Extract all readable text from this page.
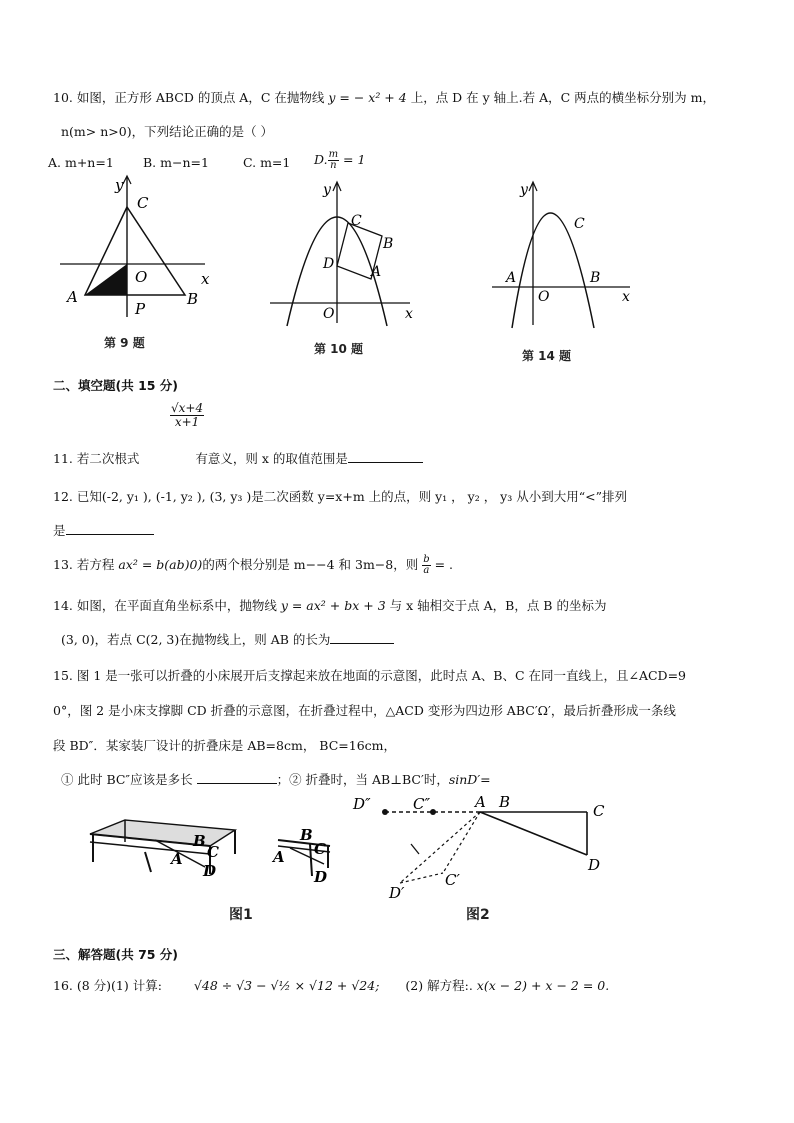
10. 如图，正方形 ABCD 的顶点 A，C 在抛物线 y = − x² + 4 上，点 D 在 y 轴上.若 A，C 两点的横坐标分别为 m，
n(m> n>0)，下列结论正确的是（ ）
A. m+n=1 B. m−n=1	C. m=1 D. $\frac{m}{n} = 1$
y
C
O	x
A
P
B
第 9 题
y
C
B
D	A
O	x
第 10 题
y
C
A	B
O	x
第 14 题
二、填空题(共 15 分)
$\frac{√x+4}{x+1}$
11. 若二次根式	有意义，则 x 的取值范围是
12. 已知(-2, y₁ ), (-1, y₂ ), (3, y₃ )是二次函数 y=x+m 上的点，则 y₁ ， y₂ ， y₃ 从小到大用“<”排列
是
13. 若方程 ax² = b(ab)0)的两个根分别是 m−−4 和 3m−8，则 $\frac{b}{a}$ = .
14. 如图，在平面直角坐标系中，抛物线 y = ax² + bx + 3 与 x 轴相交于点 A，B，点 B 的坐标为
(3, 0)，若点 C(2, 3)在抛物线上，则 AB 的长为
15. 图 1 是一张可以折叠的小床展开后支撑起来放在地面的示意图，此时点 A、B、C 在同一直线上，且∠ACD=9
0°，图 2 是小床支撑脚 CD 折叠的示意图，在折叠过程中，△ACD 变形为四边形 ABC′Ω′，最后折叠形成一条线
段 BD″．某家装厂设计的折叠床是 AB=8cm， BC=16cm，
① 此时 BC″应该是多长	；② 折叠时，当 AB⊥BC′时，sinD′=
B
C
A
D
B
C
A
D
图1
D″	C″	A B	C
D
C′
D′
图2
三、解答题(共 75 分)
16. (8 分)(1) 计算:	√48 ÷ √3 − √½ × √12 + √24; (2) 解方程:. x(x − 2) + x − 2 = 0.
